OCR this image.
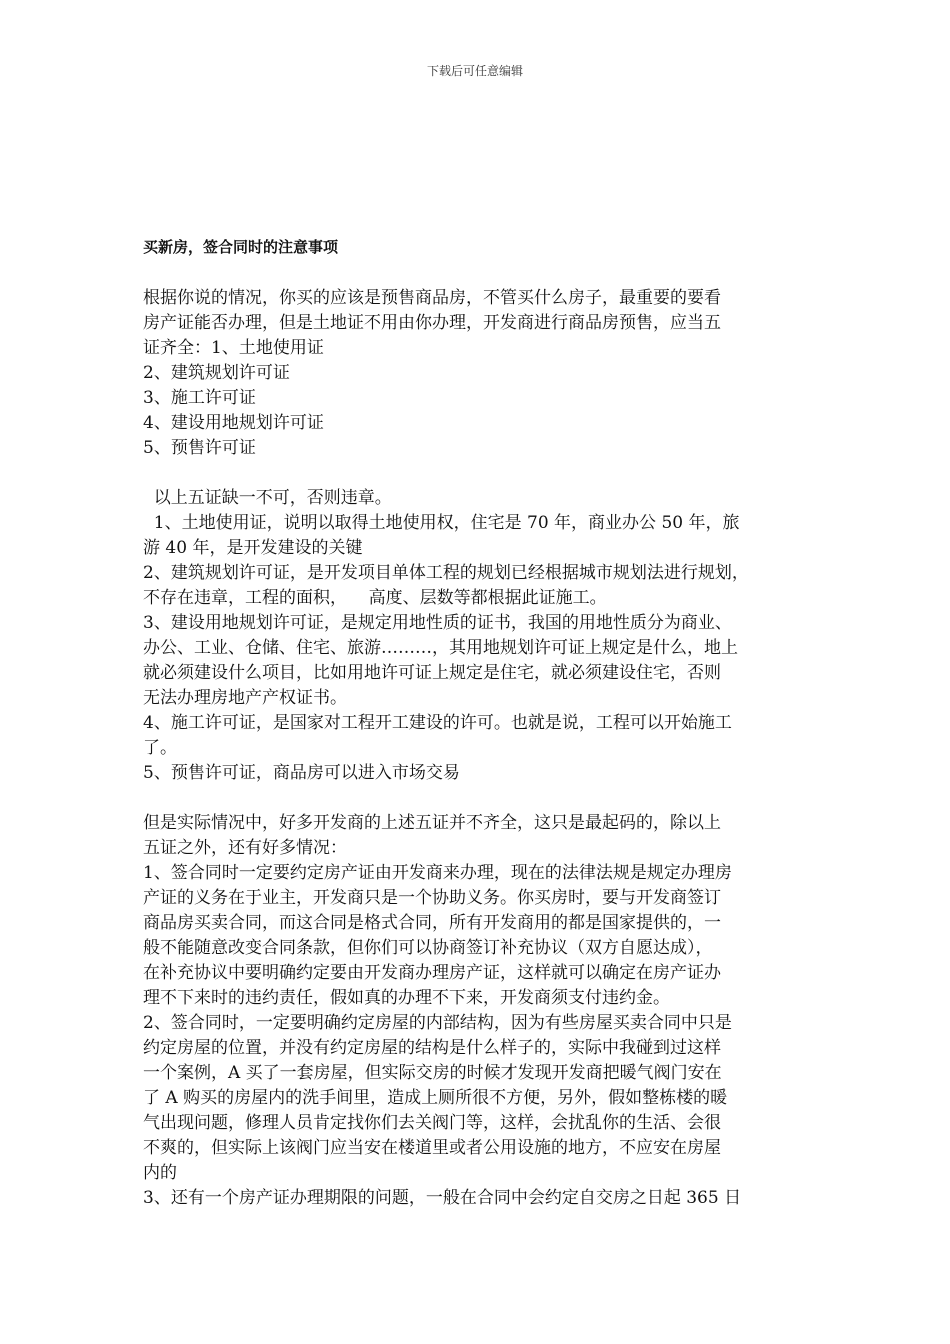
下载后可任意编辑
买新房，签合同时的注意事项
根据你说的情况，你买的应该是预售商品房，不管买什么房子，最重要的要看
房产证能否办理，但是土地证不用由你办理，开发商进行商品房预售，应当五
证齐全：1、土地使用证
2、建筑规划许可证
3、施工许可证
4、建设用地规划许可证
5、预售许可证
以上五证缺一不可，否则违章。
1、土地使用证，说明以取得土地使用权，住宅是 70 年，商业办公 50 年，旅
游 40 年，是开发建设的关键
2、建筑规划许可证，是开发项目单体工程的规划已经根据城市规划法进行规划，
不存在违章，工程的面积，    高度、层数等都根据此证施工。
3、建设用地规划许可证，是规定用地性质的证书，我国的用地性质分为商业、
办公、工业、仓储、住宅、旅游………，其用地规划许可证上规定是什么，地上
就必须建设什么项目，比如用地许可证上规定是住宅，就必须建设住宅，否则
无法办理房地产产权证书。
4、施工许可证，是国家对工程开工建设的许可。也就是说，工程可以开始施工
了。
5、预售许可证，商品房可以进入市场交易
但是实际情况中，好多开发商的上述五证并不齐全，这只是最起码的，除以上
五证之外，还有好多情况：
1、签合同时一定要约定房产证由开发商来办理，现在的法律法规是规定办理房
产证的义务在于业主，开发商只是一个协助义务。你买房时，要与开发商签订
商品房买卖合同，而这合同是格式合同，所有开发商用的都是国家提供的，一
般不能随意改变合同条款，但你们可以协商签订补充协议（双方自愿达成），
在补充协议中要明确约定要由开发商办理房产证，这样就可以确定在房产证办
理不下来时的违约责任，假如真的办理不下来，开发商须支付违约金。
2、签合同时，一定要明确约定房屋的内部结构，因为有些房屋买卖合同中只是
约定房屋的位置，并没有约定房屋的结构是什么样子的，实际中我碰到过这样
一个案例，A 买了一套房屋，但实际交房的时候才发现开发商把暖气阀门安在
了 A 购买的房屋内的洗手间里，造成上厕所很不方便，另外，假如整栋楼的暖
气出现问题，修理人员肯定找你们去关阀门等，这样，会扰乱你的生活、会很
不爽的，但实际上该阀门应当安在楼道里或者公用设施的地方，不应安在房屋
内的
3、还有一个房产证办理期限的问题，一般在合同中会约定自交房之日起 365 日
